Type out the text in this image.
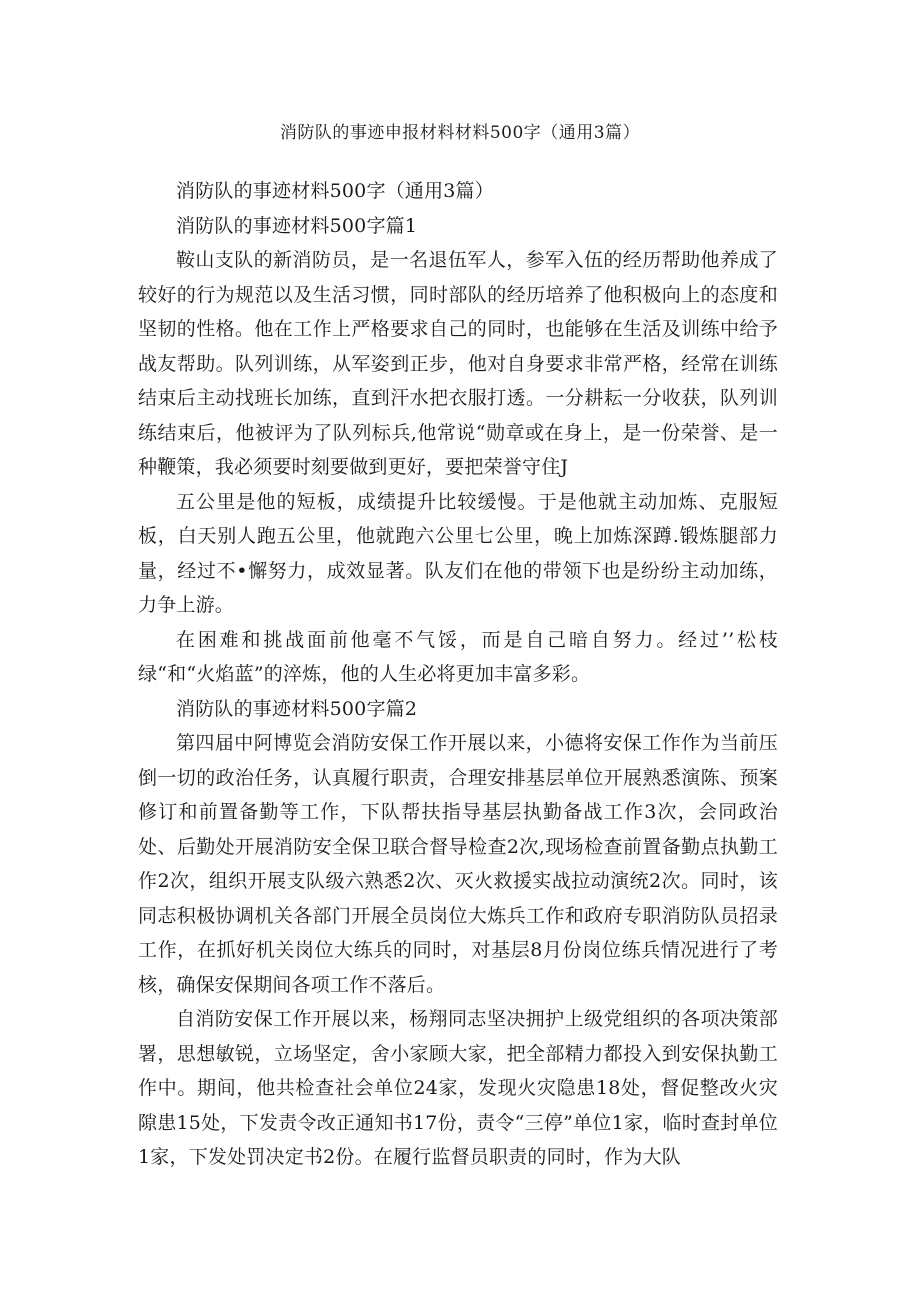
消防队的事迹申报材料材料500字（通用3篇）

消防队的事迹材料500字（通用3篇）

消防队的事迹材料500字篇1

鞍山支队的新消防员，是一名退伍军人，参军入伍的经历帮助他养成了较好的行为规范以及生活习惯，同时部队的经历培养了他积极向上的态度和坚韧的性格。他在工作上严格要求自己的同时，也能够在生活及训练中给予战友帮助。队列训练，从军姿到正步，他对自身要求非常严格，经常在训练结束后主动找班长加练，直到汗水把衣服打透。一分耕耘一分收获，队列训练结束后，他被评为了队列标兵,他常说“勋章或在身上，是一份荣誉、是一种鞭策，我必须要时刻要做到更好，要把荣誉守住J

五公里是他的短板，成绩提升比较缓慢。于是他就主动加炼、克服短板，白天别人跑五公里，他就跑六公里七公里，晚上加炼深蹲.锻炼腿部力量，经过不•懈努力，成效显著。队友们在他的带领下也是纷纷主动加练，力争上游。

在困难和挑战面前他毫不气馁，而是自己暗自努力。经过’’松枝绿“和“火焰蓝”的淬炼，他的人生必将更加丰富多彩。

消防队的事迹材料500字篇2

第四届中阿博览会消防安保工作开展以来，小德将安保工作作为当前压倒一切的政治任务，认真履行职责，合理安排基层单位开展熟悉演陈、预案修订和前置备勤等工作，下队帮扶指导基层执勤备战工作3次，会同政治处、后勤处开展消防安全保卫联合督导检查2次,现场检查前置备勤点执勤工作2次，组织开展支队级六熟悉2次、灭火救援实战拉动演统2次。同时，该同志积极协调机关各部门开展全员岗位大炼兵工作和政府专职消防队员招录工作，在抓好机关岗位大练兵的同时，对基层8月份岗位练兵情况进行了考核，确保安保期间各项工作不落后。

自消防安保工作开展以来，杨翔同志坚决拥护上级党组织的各项决策部署，思想敏锐，立场坚定，舍小家顾大家，把全部精力都投入到安保执勤工作中。期间，他共检查社会单位24家，发现火灾隐患18处，督促整改火灾隙患15处，下发责令改正通知书17份，责令“三停”单位1家，临时查封单位1家，下发处罚决定书2份。在履行监督员职责的同时，作为大队
